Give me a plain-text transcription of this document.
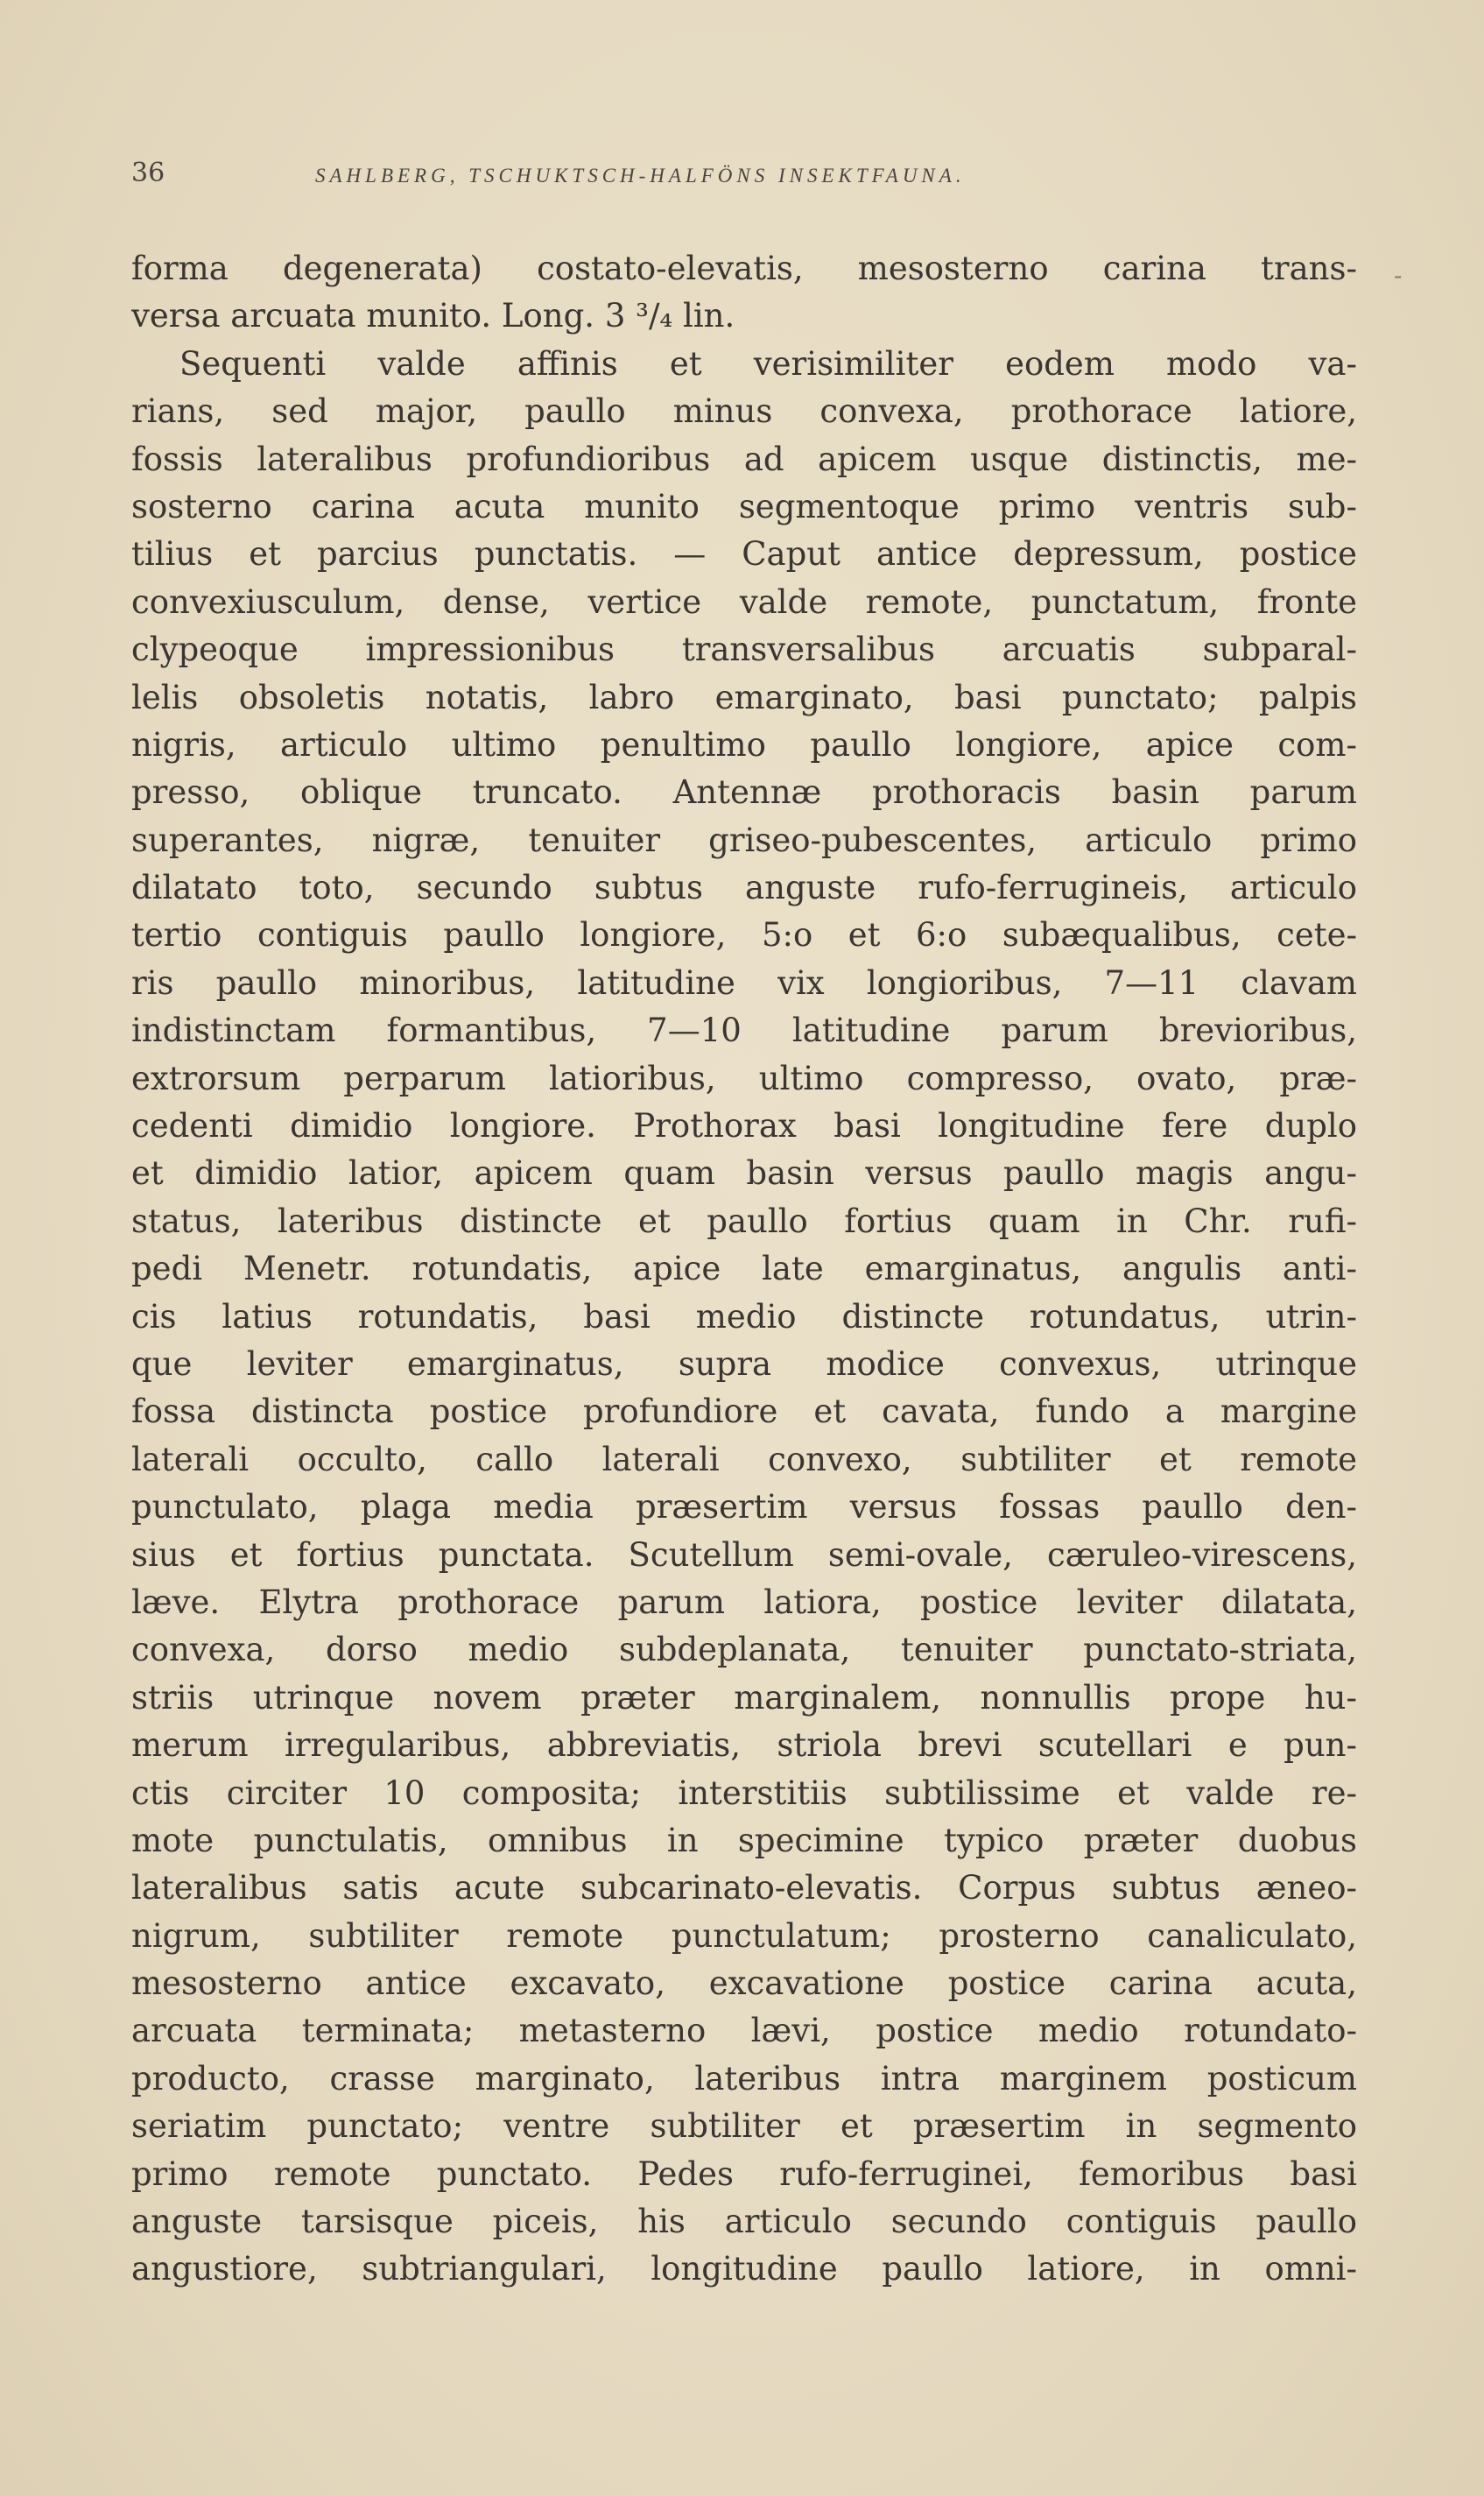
36	SAHLBERG, TSCHUKTSCH-HALFÖNS INSEKTFAUNA.
-
forma degenerata) costato-elevatis, mesosterno carina trans-
versa arcuata munito. Long. 3 ³/₄ lin.
Sequenti valde affinis et verisimiliter eodem modo va-
rians, sed major, paullo minus convexa, prothorace latiore,
fossis lateralibus profundioribus ad apicem usque distinctis, me-
sosterno carina acuta munito segmentoque primo ventris sub-
tilius et parcius punctatis. — Caput antice depressum, postice
convexiusculum, dense, vertice valde remote, punctatum, fronte
clypeoque impressionibus transversalibus arcuatis subparal-
lelis obsoletis notatis, labro emarginato, basi punctato; palpis
nigris, articulo ultimo penultimo paullo longiore, apice com-
presso, oblique truncato. Antennæ prothoracis basin parum
superantes, nigræ, tenuiter griseo-pubescentes, articulo primo
dilatato toto, secundo subtus anguste rufo-ferrugineis, articulo
tertio contiguis paullo longiore, 5:o et 6:o subæqualibus, cete-
ris paullo minoribus, latitudine vix longioribus, 7—11 clavam
indistinctam formantibus, 7—10 latitudine parum brevioribus,
extrorsum perparum latioribus, ultimo compresso, ovato, præ-
cedenti dimidio longiore. Prothorax basi longitudine fere duplo
et dimidio latior, apicem quam basin versus paullo magis angu-
status, lateribus distincte et paullo fortius quam in Chr. rufi-
pedi Menetr. rotundatis, apice late emarginatus, angulis anti-
cis latius rotundatis, basi medio distincte rotundatus, utrin-
que leviter emarginatus, supra modice convexus, utrinque
fossa distincta postice profundiore et cavata, fundo a margine
laterali occulto, callo laterali convexo, subtiliter et remote
punctulato, plaga media præsertim versus fossas paullo den-
sius et fortius punctata. Scutellum semi-ovale, cæruleo-virescens,
læve. Elytra prothorace parum latiora, postice leviter dilatata,
convexa, dorso medio subdeplanata, tenuiter punctato-striata,
striis utrinque novem præter marginalem, nonnullis prope hu-
merum irregularibus, abbreviatis, striola brevi scutellari e pun-
ctis circiter 10 composita; interstitiis subtilissime et valde re-
mote punctulatis, omnibus in specimine typico præter duobus
lateralibus satis acute subcarinato-elevatis. Corpus subtus æneo-
nigrum, subtiliter remote punctulatum; prosterno canaliculato,
mesosterno antice excavato, excavatione postice carina acuta,
arcuata terminata; metasterno lævi, postice medio rotundato-
producto, crasse marginato, lateribus intra marginem posticum
seriatim punctato; ventre subtiliter et præsertim in segmento
primo remote punctato. Pedes rufo-ferruginei, femoribus basi
anguste tarsisque piceis, his articulo secundo contiguis paullo
angustiore, subtriangulari, longitudine paullo latiore, in omni-
